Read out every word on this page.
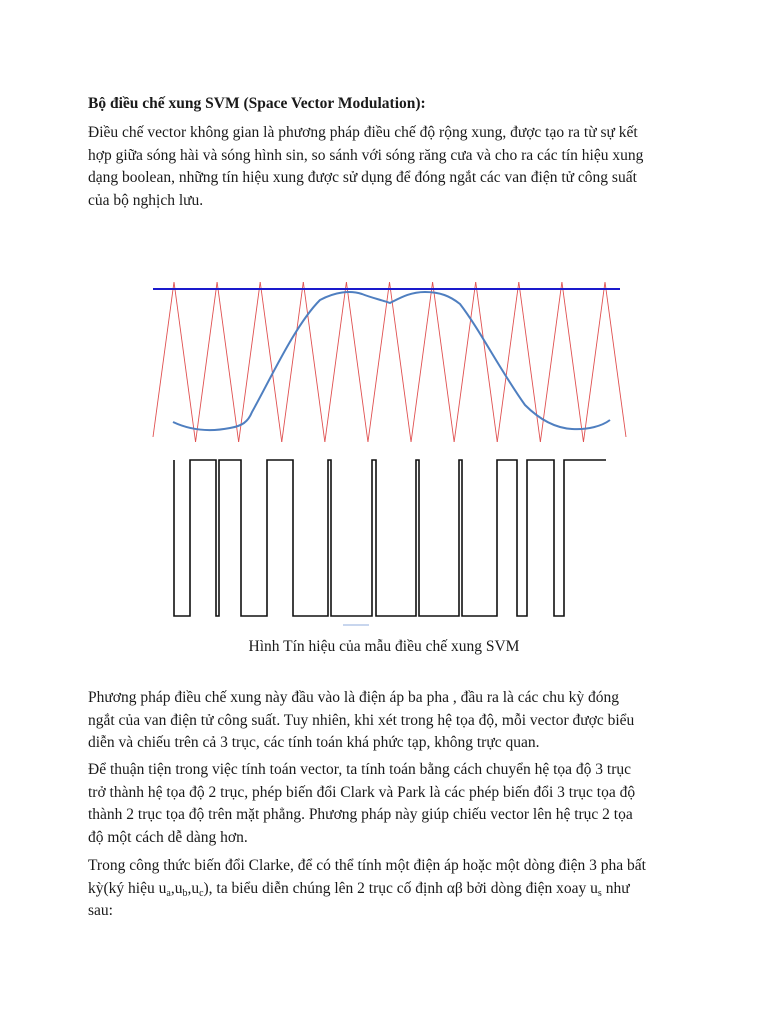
Bộ điều chế xung SVM (Space Vector Modulation):

Điều chế vector không gian là phương pháp điều chế độ rộng xung, được tạo ra từ sự kết
hợp giữa sóng hài và sóng hình sin, so sánh với sóng răng cưa và cho ra các tín hiệu xung
dạng boolean, những tín hiệu xung được sử dụng để đóng ngắt các van điện tử công suất
của bộ nghịch lưu.

Hình Tín hiệu của mẫu điều chế xung SVM

Phương pháp điều chế xung này đầu vào là điện áp ba pha , đầu ra là các chu kỳ đóng
ngắt của van điện tử công suất. Tuy nhiên, khi xét trong hệ tọa độ, mỗi vector được biểu
diễn và chiếu trên cả 3 trục, các tính toán khá phức tạp, không trực quan.

Để thuận tiện trong việc tính toán vector, ta tính toán bằng cách chuyển hệ tọa độ 3 trục
trở thành hệ tọa độ 2 trục, phép biến đổi Clark và Park là các phép biến đổi 3 trục tọa độ
thành 2 trục tọa độ trên mặt phẳng. Phương pháp này giúp chiếu vector lên hệ trục 2 tọa
độ một cách dễ dàng hơn.

Trong công thức biến đổi Clarke, để có thể tính một điện áp hoặc một dòng điện 3 pha bất
kỳ(ký hiệu $u_a,u_b,u_c$), ta biểu diễn chúng lên 2 trục cố định αβ bởi dòng điện xoay $u_s$ như
sau:
